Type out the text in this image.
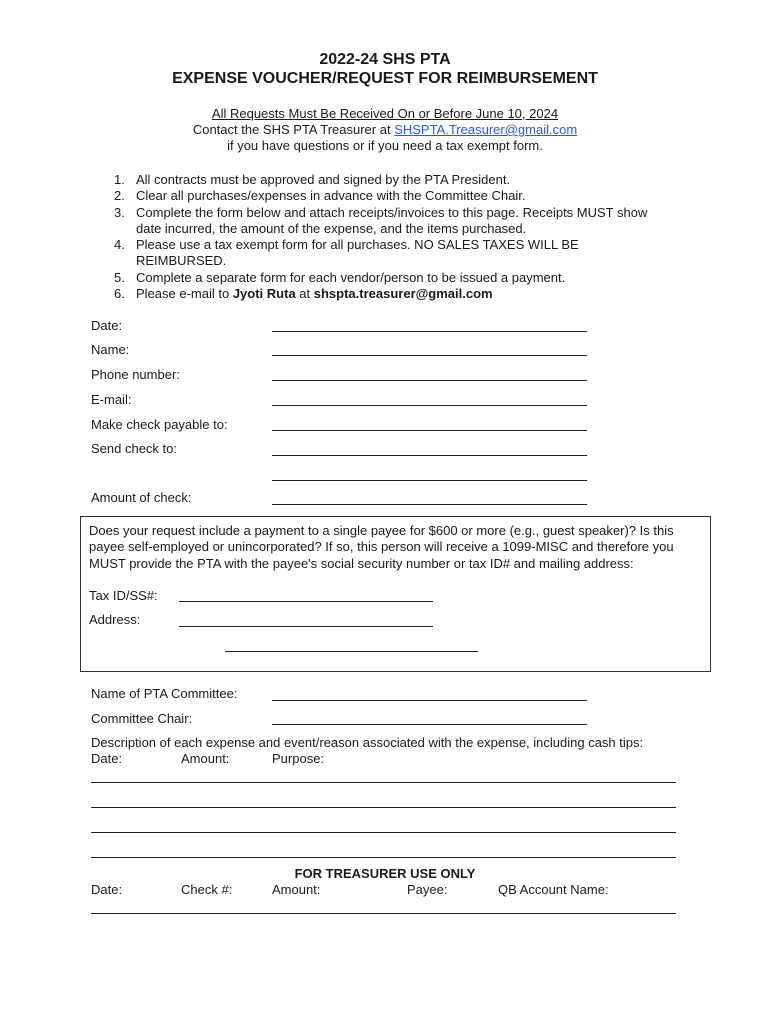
2022-24 SHS PTA
EXPENSE VOUCHER/REQUEST FOR REIMBURSEMENT
All Requests Must Be Received On or Before June 10, 2024
Contact the SHS PTA Treasurer at SHSPTA.Treasurer@gmail.com
if you have questions or if you need a tax exempt form.
1. All contracts must be approved and signed by the PTA President.
2. Clear all purchases/expenses in advance with the Committee Chair.
3. Complete the form below and attach receipts/invoices to this page. Receipts MUST show date incurred, the amount of the expense, and the items purchased.
4. Please use a tax exempt form for all purchases. NO SALES TAXES WILL BE REIMBURSED.
5. Complete a separate form for each vendor/person to be issued a payment.
6. Please e-mail to Jyoti Ruta at shspta.treasurer@gmail.com
Date:
Name:
Phone number:
E-mail:
Make check payable to:
Send check to:
Amount of check:
Does your request include a payment to a single payee for $600 or more (e.g., guest speaker)? Is this payee self-employed or unincorporated? If so, this person will receive a 1099-MISC and therefore you MUST provide the PTA with the payee's social security number or tax ID# and mailing address:
Tax ID/SS#:
Address:
Name of PTA Committee:
Committee Chair:
Description of each expense and event/reason associated with the expense, including cash tips:
Date:	Amount:	Purpose:
FOR TREASURER USE ONLY
Date:	Check #:	Amount:	Payee:	QB Account Name:
